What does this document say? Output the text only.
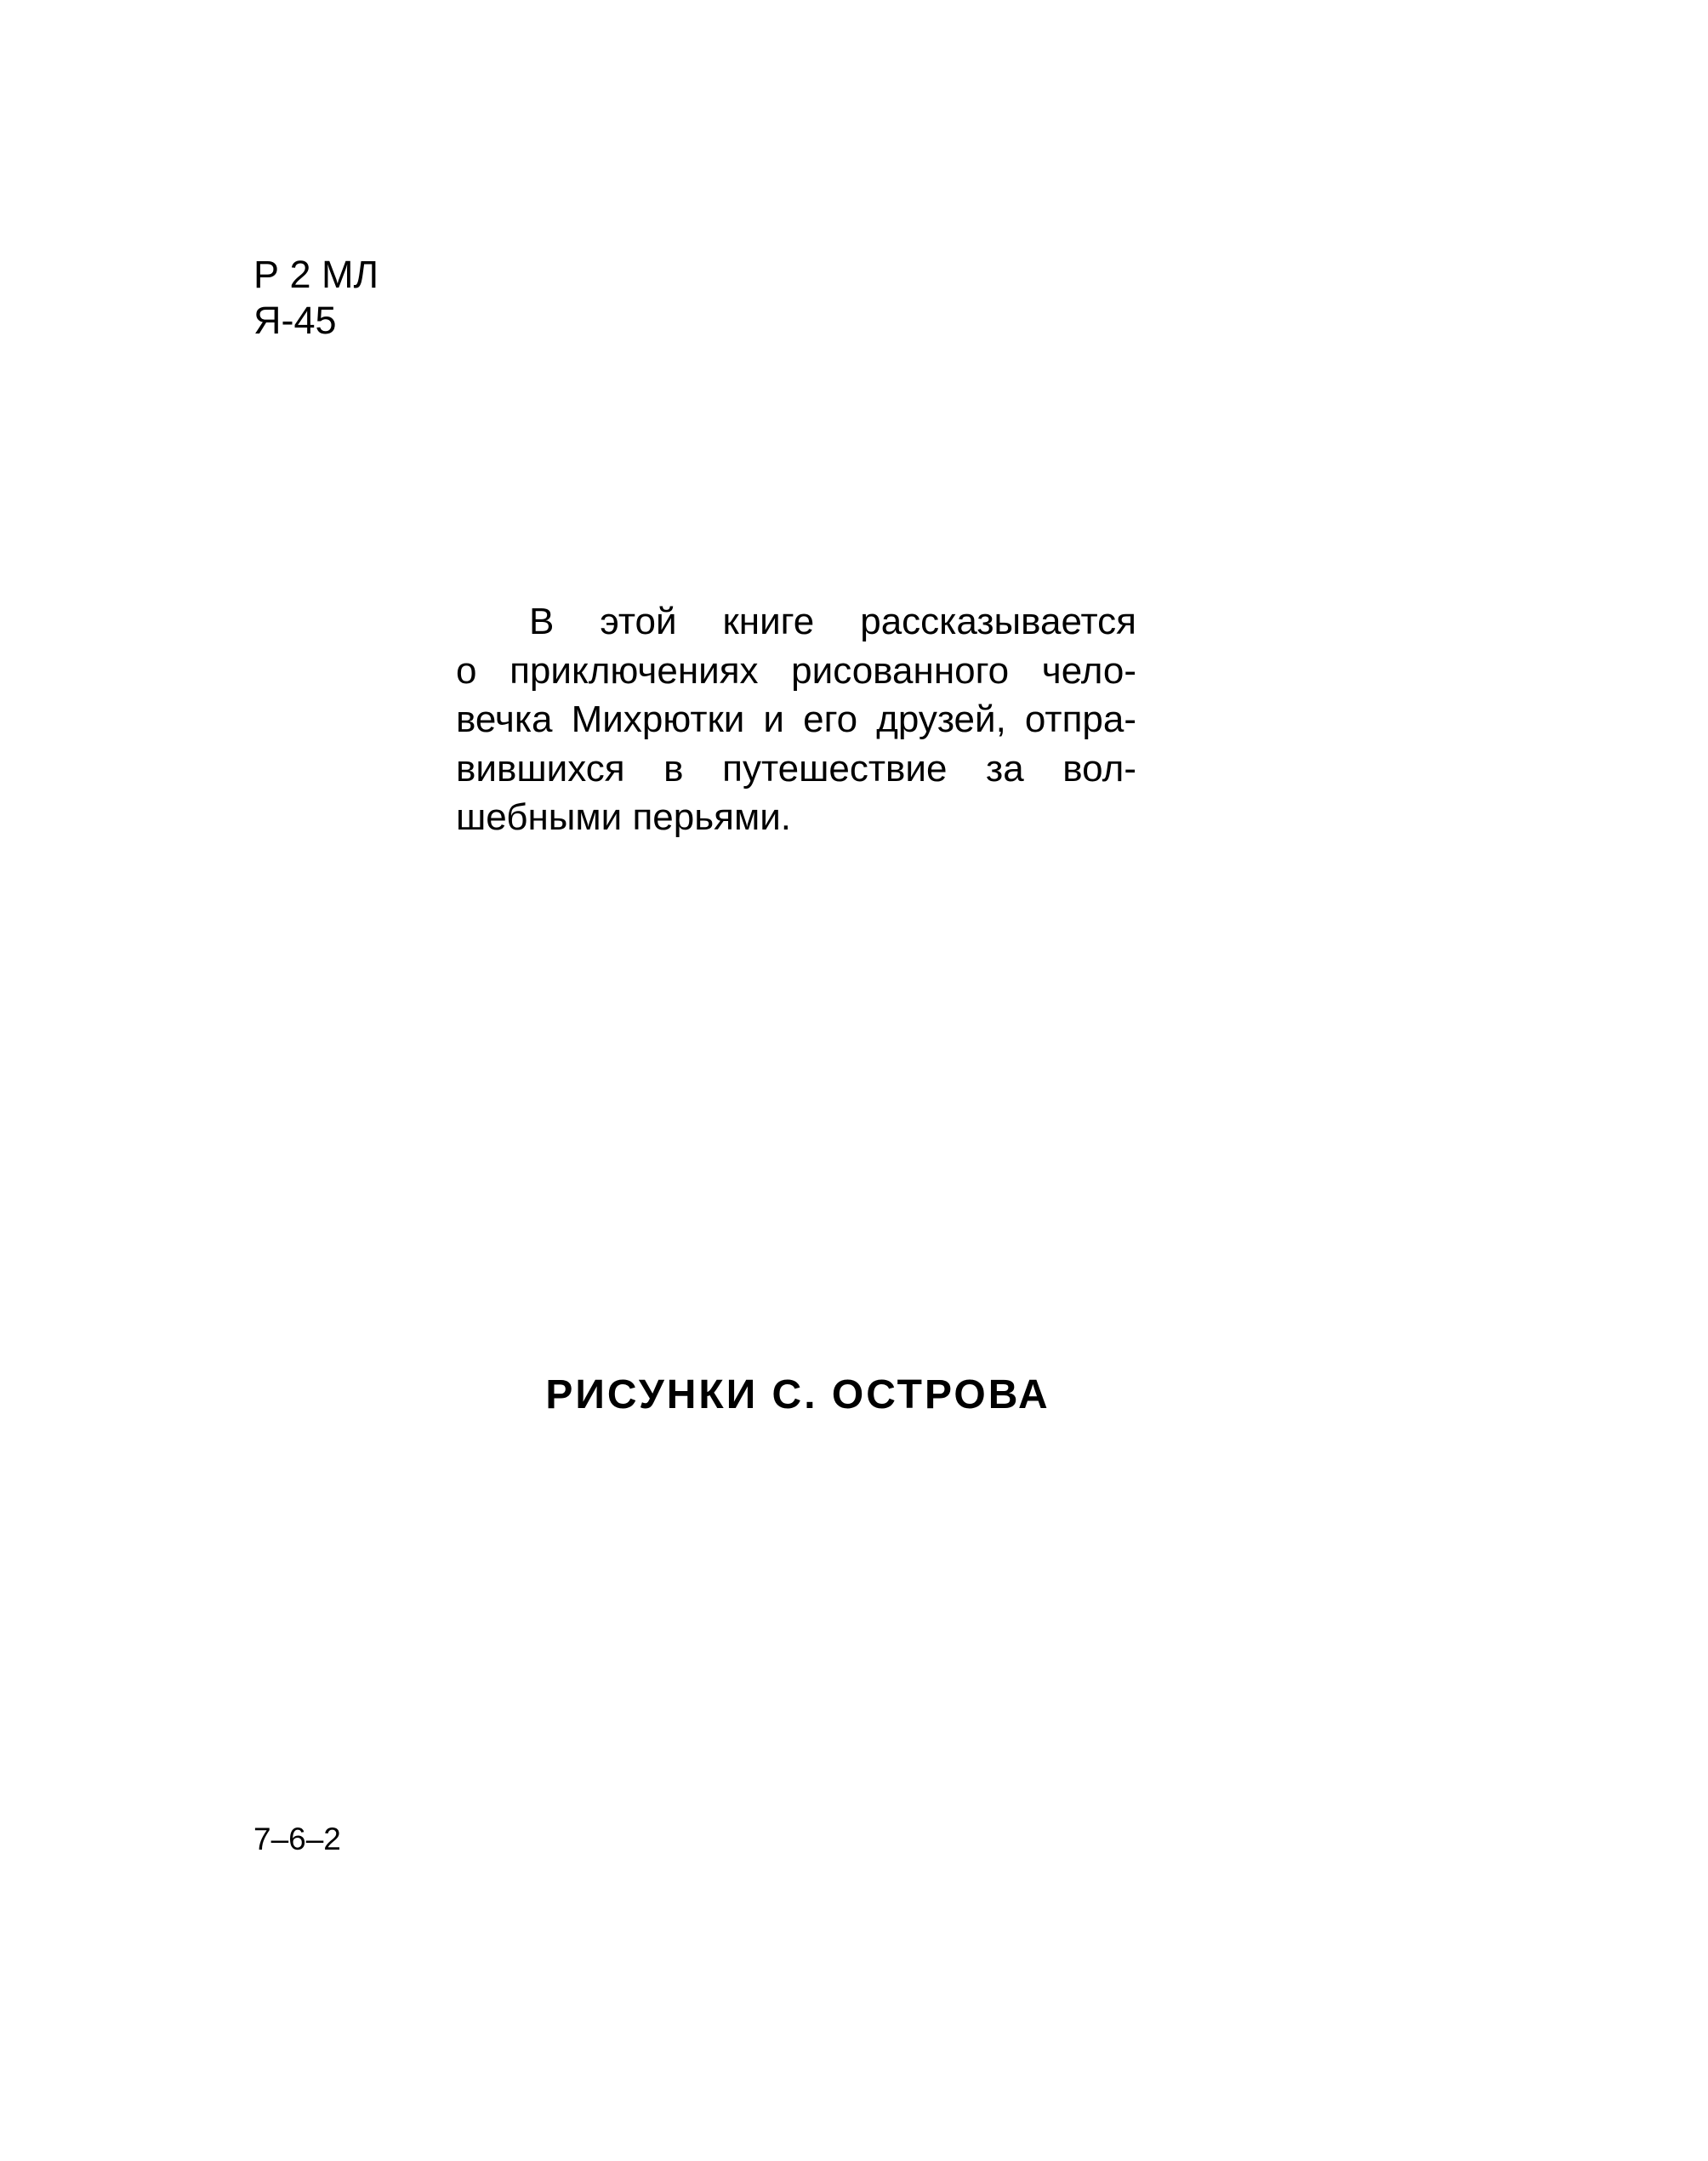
Р 2 МЛ
Я-45
В этой книге рассказывается
о приключениях рисованного чело-
вечка Михрютки и его друзей, отпра-
вившихся в путешествие за вол-
шебными перьями.
РИСУНКИ С. ОСТРОВА
7–6–2
